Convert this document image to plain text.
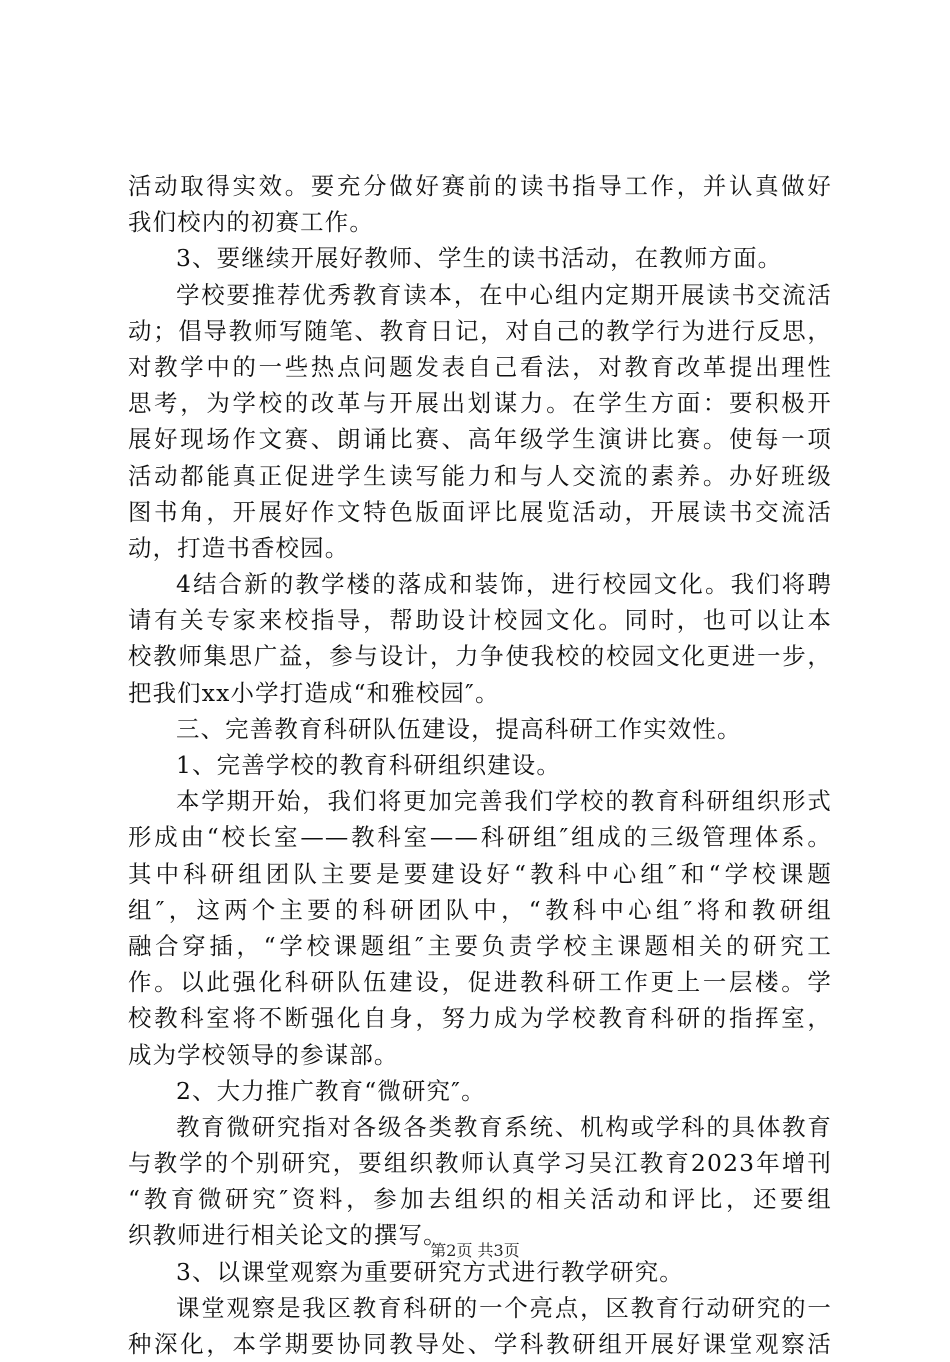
活动取得实效。要充分做好赛前的读书指导工作，并认真做好
我们校内的初赛工作。
3、要继续开展好教师、学生的读书活动，在教师方面。
学校要推荐优秀教育读本，在中心组内定期开展读书交流活
动；倡导教师写随笔、教育日记，对自己的教学行为进行反思，
对教学中的一些热点问题发表自己看法，对教育改革提出理性
思考，为学校的改革与开展出划谋力。在学生方面：要积极开
展好现场作文赛、朗诵比赛、高年级学生演讲比赛。使每一项
活动都能真正促进学生读写能力和与人交流的素养。办好班级
图书角，开展好作文特色版面评比展览活动，开展读书交流活
动，打造书香校园。
4结合新的教学楼的落成和装饰，进行校园文化。我们将聘
请有关专家来校指导，帮助设计校园文化。同时，也可以让本
校教师集思广益，参与设计，力争使我校的校园文化更进一步，
把我们xx小学打造成“和雅校园″。
三、完善教育科研队伍建设，提高科研工作实效性。
1、完善学校的教育科研组织建设。
本学期开始，我们将更加完善我们学校的教育科研组织形式
形成由“校长室——教科室——科研组″组成的三级管理体系。
其中科研组团队主要是要建设好“教科中心组″和“学校课题
组″，这两个主要的科研团队中，“教科中心组″将和教研组
融合穿插，“学校课题组″主要负责学校主课题相关的研究工
作。以此强化科研队伍建设，促进教科研工作更上一层楼。学
校教科室将不断强化自身，努力成为学校教育科研的指挥室，
成为学校领导的参谋部。
2、大力推广教育“微研究″。
教育微研究指对各级各类教育系统、机构或学科的具体教育
与教学的个别研究，要组织教师认真学习吴江教育2023年增刊
“教育微研究″资料，参加去组织的相关活动和评比，还要组
织教师进行相关论文的撰写。
3、以课堂观察为重要研究方式进行教学研究。
课堂观察是我区教育科研的一个亮点，区教育行动研究的一
种深化，本学期要协同教导处、学科教研组开展好课堂观察活
第2页 共3页
